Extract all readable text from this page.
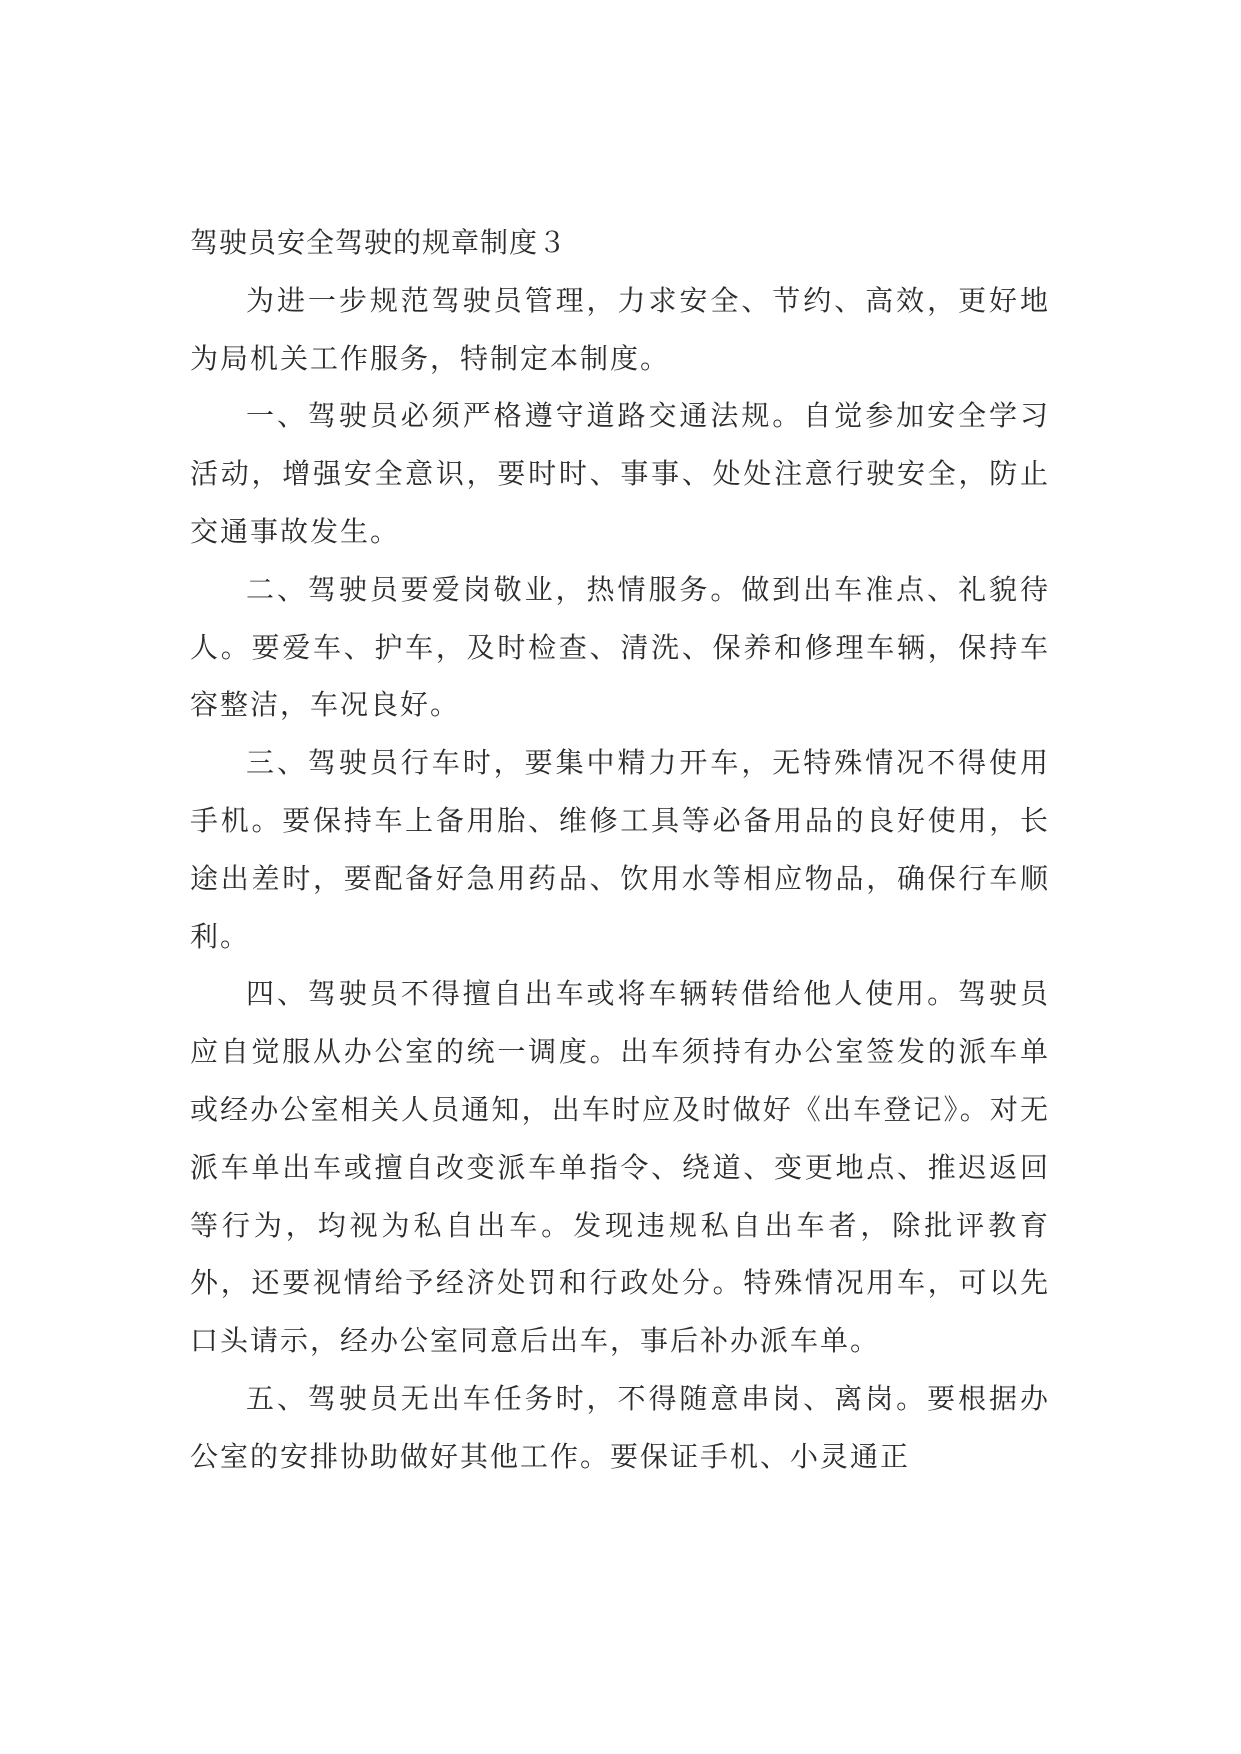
驾驶员安全驾驶的规章制度３

为进一步规范驾驶员管理，力求安全、节约、高效，更好地为局机关工作服务，特制定本制度。

一、驾驶员必须严格遵守道路交通法规。自觉参加安全学习活动，增强安全意识，要时时、事事、处处注意行驶安全，防止交通事故发生。

二、驾驶员要爱岗敬业，热情服务。做到出车准点、礼貌待人。要爱车、护车，及时检查、清洗、保养和修理车辆，保持车容整洁，车况良好。

三、驾驶员行车时，要集中精力开车，无特殊情况不得使用手机。要保持车上备用胎、维修工具等必备用品的良好使用，长途出差时，要配备好急用药品、饮用水等相应物品，确保行车顺利。

四、驾驶员不得擅自出车或将车辆转借给他人使用。驾驶员应自觉服从办公室的统一调度。出车须持有办公室签发的派车单或经办公室相关人员通知，出车时应及时做好《出车登记》。对无派车单出车或擅自改变派车单指令、绕道、变更地点、推迟返回等行为，均视为私自出车。发现违规私自出车者，除批评教育外，还要视情给予经济处罚和行政处分。特殊情况用车，可以先口头请示，经办公室同意后出车，事后补办派车单。

五、驾驶员无出车任务时，不得随意串岗、离岗。要根据办公室的安排协助做好其他工作。要保证手机、小灵通正
